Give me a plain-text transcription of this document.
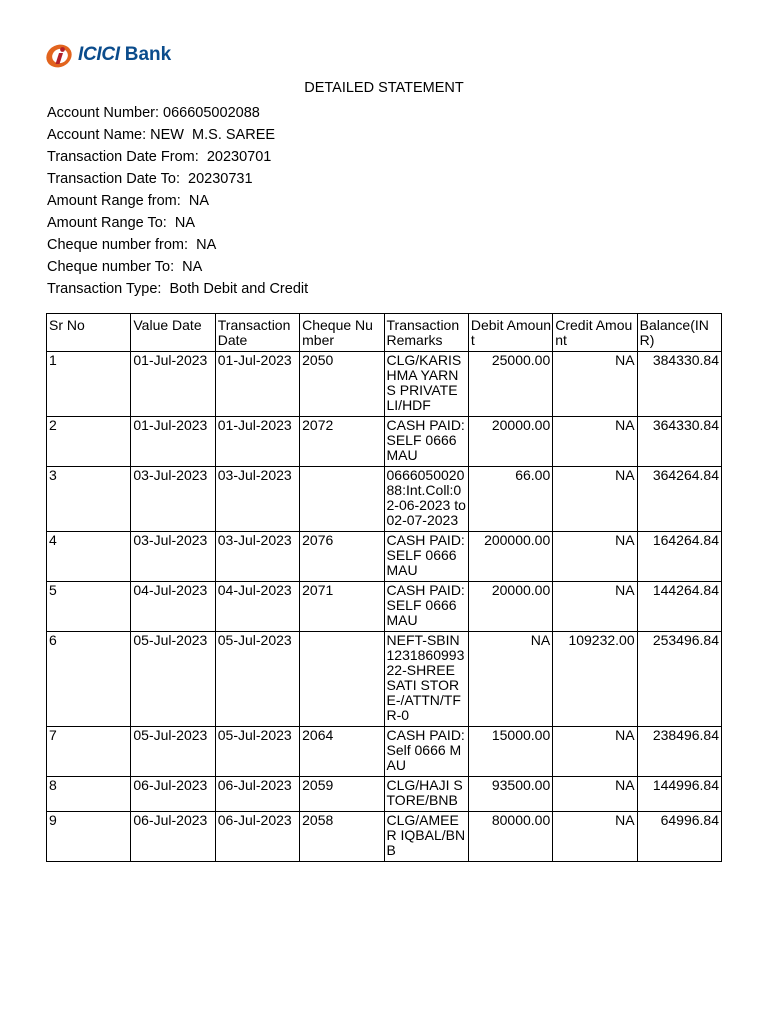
ICICI Bank
DETAILED STATEMENT
Account Number: 066605002088
Account Name: NEW  M.S. SAREE
Transaction Date From:  20230701
Transaction Date To:  20230731
Amount Range from:  NA
Amount Range To:  NA
Cheque number from:  NA
Cheque number To:  NA
Transaction Type:  Both Debit and Credit
Sr No	Value Date	Transaction Date	Cheque Number	Transaction Remarks	Debit Amount	Credit Amount	Balance(INR)
1	01-Jul-2023	01-Jul-2023	2050	CLG/KARISHMA YARNS PRIVATE LI/HDF	25000.00	NA	384330.84
2	01-Jul-2023	01-Jul-2023	2072	CASH PAID:SELF 0666 MAU	20000.00	NA	364330.84
3	03-Jul-2023	03-Jul-2023		066605002088:Int.Coll:02-06-2023 to 02-07-2023	66.00	NA	364264.84
4	03-Jul-2023	03-Jul-2023	2076	CASH PAID:SELF 0666 MAU	200000.00	NA	164264.84
5	04-Jul-2023	04-Jul-2023	2071	CASH PAID:SELF 0666 MAU	20000.00	NA	144264.84
6	05-Jul-2023	05-Jul-2023		NEFT-SBIN123186099322-SHREE SATI STORE-/ATTN/TFR-0	NA	109232.00	253496.84
7	05-Jul-2023	05-Jul-2023	2064	CASH PAID:Self 0666 MAU	15000.00	NA	238496.84
8	06-Jul-2023	06-Jul-2023	2059	CLG/HAJI STORE/BNB	93500.00	NA	144996.84
9	06-Jul-2023	06-Jul-2023	2058	CLG/AMEER IQBAL/BNB	80000.00	NA	64996.84
